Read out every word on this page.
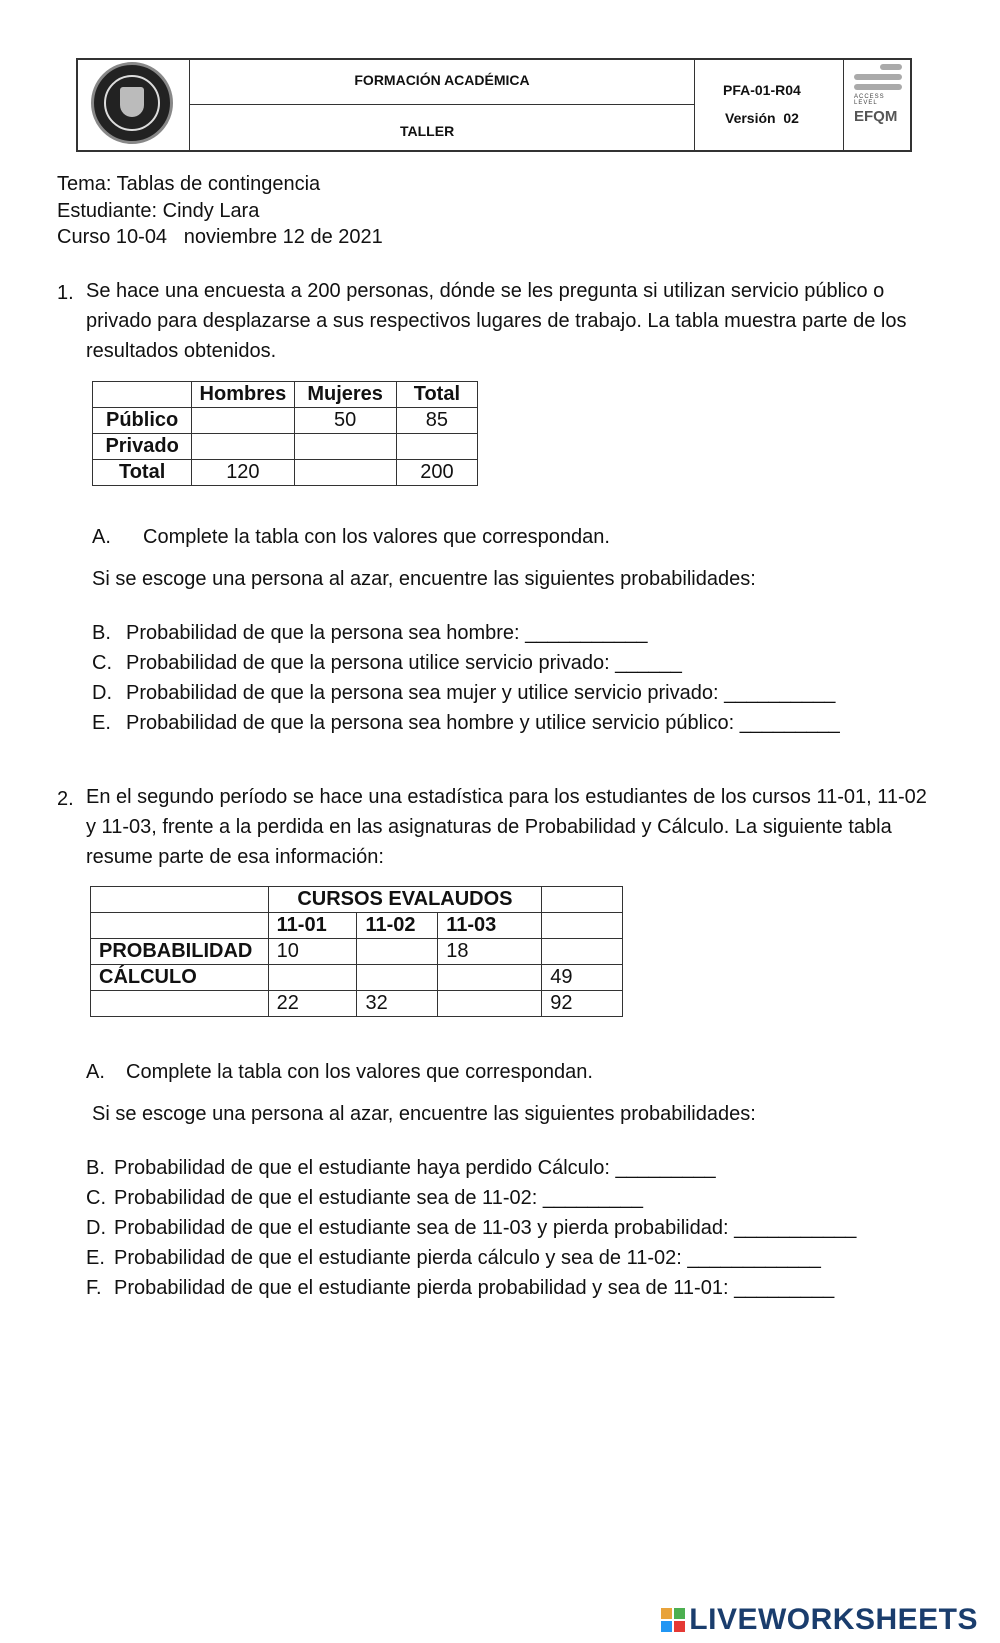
FORMACIÓN ACADÉMICA
TALLER
PFA-01-R04
Versión  02
ACCESS LEVEL
EFQM
Tema: Tablas de contingencia
Estudiante: Cindy Lara
Curso 10-04   noviembre 12 de 2021
1. Se hace una encuesta a 200 personas, dónde se les pregunta si utilizan servicio público o privado para desplazarse a sus respectivos lugares de trabajo. La tabla muestra parte de los resultados obtenidos.
	Hombres	Mujeres	Total
Público		50	85
Privado			
Total	120		200
A. Complete la tabla con los valores que correspondan.
Si se escoge una persona al azar, encuentre las siguientes probabilidades:
B. Probabilidad de que la persona sea hombre: ___________
C. Probabilidad de que la persona utilice servicio privado: ______
D. Probabilidad de que la persona sea mujer y utilice servicio privado: __________
E. Probabilidad de que la persona sea hombre y utilice servicio público: _________
2. En el segundo período se hace una estadística para los estudiantes de los cursos 11-01, 11-02 y 11-03, frente a la perdida en las asignaturas de Probabilidad y Cálculo. La siguiente tabla resume parte de esa información:
	CURSOS EVALAUDOS			
	11-01	11-02	11-03	
PROBABILIDAD	10		18	
CÁLCULO				49
	22	32		92
A. Complete la tabla con los valores que correspondan.
Si se escoge una persona al azar, encuentre las siguientes probabilidades:
B. Probabilidad de que el estudiante haya perdido Cálculo: _________
C. Probabilidad de que el estudiante sea de 11-02: _________
D. Probabilidad de que el estudiante sea de 11-03 y pierda probabilidad: ___________
E. Probabilidad de que el estudiante pierda cálculo y sea de 11-02: ____________
F. Probabilidad de que el estudiante pierda probabilidad y sea de 11-01: _________
LIVEWORKSHEETS
